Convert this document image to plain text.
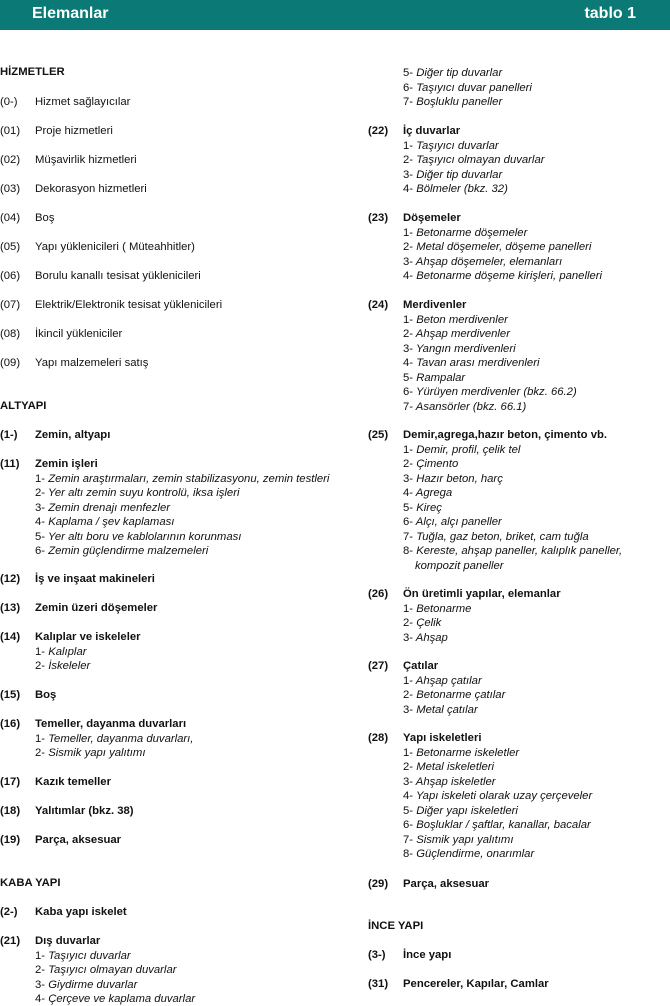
Elemanlar	tablo 1
HİZMETLER
(0-)	Hizmet sağlayıcılar
(01)	Proje hizmetleri
(02)	Müşavirlik hizmetleri
(03)	Dekorasyon hizmetleri
(04)	Boş
(05)	Yapı yüklenicileri ( Müteahhitler)
(06)	Borulu kanallı tesisat yüklenicileri
(07)	Elektrik/Elektronik tesisat yüklenicileri
(08)	İkincil yükleniciler
(09)	Yapı malzemeleri satış
ALTYAPI
(1-)	Zemin, altyapı
(11)	Zemin işleri
1- Zemin araştırmaları, zemin stabilizasyonu, zemin testleri
2- Yer altı zemin suyu kontrolü, iksa işleri
3- Zemin drenajı menfezler
4- Kaplama / şev kaplaması
5- Yer altı boru ve kablolarının korunması
6- Zemin güçlendirme malzemeleri
(12)	İş ve inşaat makineleri
(13)	Zemin üzeri döşemeler
(14)	Kalıplar ve iskeleler
1- Kalıplar
2- İskeleler
(15)	Boş
(16)	Temeller, dayanma duvarları
1- Temeller, dayanma duvarları,
2- Sismik yapı yalıtımı
(17)	Kazık temeller
(18)	Yalıtımlar (bkz. 38)
(19)	Parça, aksesuar
KABA YAPI
(2-)	Kaba yapı iskelet
(21)	Dış duvarlar
1- Taşıyıcı duvarlar
2- Taşıyıcı olmayan duvarlar
3- Giydirme duvarlar
4- Çerçeve ve kaplama duvarlar
5- Diğer tip duvarlar
6- Taşıyıcı duvar panelleri
7- Boşluklu paneller
(22)	İç duvarlar
1- Taşıyıcı duvarlar
2- Taşıyıcı olmayan duvarlar
3- Diğer tip duvarlar
4- Bölmeler (bkz. 32)
(23)	Döşemeler
1- Betonarme döşemeler
2- Metal döşemeler, döşeme panelleri
3- Ahşap döşemeler, elemanları
4- Betonarme döşeme kirişleri, panelleri
(24)	Merdivenler
1- Beton merdivenler
2- Ahşap merdivenler
3- Yangın merdivenleri
4- Tavan arası merdivenleri
5- Rampalar
6- Yürüyen merdivenler (bkz. 66.2)
7- Asansörler (bkz. 66.1)
(25)	Demir,agrega,hazır beton, çimento vb.
1- Demir, profil, çelik tel
2- Çimento
3- Hazır beton, harç
4- Agrega
5- Kireç
6- Alçı, alçı paneller
7- Tuğla, gaz beton, briket, cam tuğla
8- Kereste, ahşap paneller, kalıplık paneller,
kompozit paneller
(26)	Ön üretimli yapılar, elemanlar
1- Betonarme
2- Çelik
3- Ahşap
(27)	Çatılar
1- Ahşap çatılar
2- Betonarme çatılar
3- Metal çatılar
(28)	Yapı iskeletleri
1- Betonarme iskeletler
2- Metal iskeletleri
3- Ahşap iskeletler
4- Yapı iskeleti olarak uzay çerçeveler
5- Diğer yapı iskeletleri
6- Boşluklar / şaftlar, kanallar, bacalar
7- Sismik yapı yalıtımı
8- Güçlendirme, onarımlar
(29)	Parça, aksesuar
İNCE YAPI
(3-)	İnce yapı
(31)	Pencereler, Kapılar, Camlar
